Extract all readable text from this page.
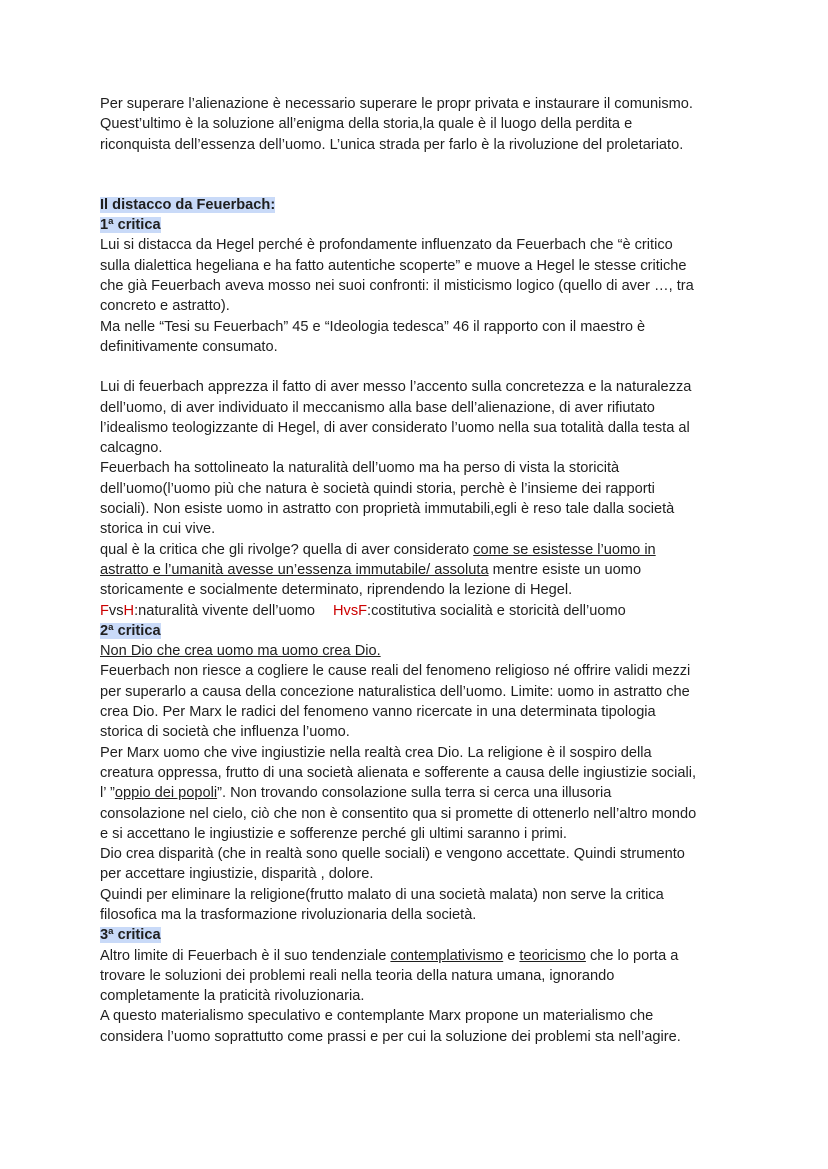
Per superare l’alienazione è necessario superare le propr privata e instaurare il comunismo.
Quest’ultimo è la soluzione all’enigma della storia,la quale è il luogo della perdita e
riconquista dell’essenza dell’uomo. L’unica strada per farlo è la rivoluzione del proletariato.
Il distacco da Feuerbach:
1ª critica
Lui si distacca da Hegel perché è profondamente influenzato da Feuerbach che “è critico
sulla dialettica hegeliana e ha fatto autentiche scoperte” e muove a Hegel le stesse critiche
che già Feuerbach aveva mosso nei suoi confronti: il misticismo logico (quello di aver …, tra
concreto e astratto).
Ma nelle “Tesi su Feuerbach” 45 e “Ideologia tedesca” 46 il rapporto con il maestro è
definitivamente consumato.
Lui di feuerbach apprezza il fatto di aver messo l’accento sulla concretezza e la naturalezza
dell’uomo, di aver individuato il meccanismo alla base dell’alienazione, di aver rifiutato
l’idealismo teologizzante di Hegel, di aver considerato l’uomo nella sua totalità dalla testa al
calcagno.
Feuerbach ha sottolineato la naturalità dell’uomo ma ha perso di vista la storicità
dell’uomo(l’uomo più che natura è società quindi storia, perchè è l’insieme dei rapporti
sociali). Non esiste uomo in astratto con proprietà immutabili,egli è reso tale dalla società
storica in cui vive.
qual è la critica che gli rivolge? quella di aver considerato come se esistesse l’uomo in
astratto e l’umanità avesse un’essenza immutabile/ assoluta mentre esiste un uomo
storicamente e socialmente determinato, riprendendo la lezione di Hegel.
FvsH:naturalità vivente dell’uomo HvsF:costitutiva socialità e storicità dell’uomo
2ª critica
Non Dio che crea uomo ma uomo crea Dio.
Feuerbach non riesce a cogliere le cause reali del fenomeno religioso né offrire validi mezzi
per superarlo a causa della concezione naturalistica dell’uomo. Limite: uomo in astratto che
crea Dio. Per Marx le radici del fenomeno vanno ricercate in una determinata tipologia
storica di società che influenza l’uomo.
Per Marx uomo che vive ingiustizie nella realtà crea Dio. La religione è il sospiro della
creatura oppressa, frutto di una società alienata e sofferente a causa delle ingiustizie sociali,
l’ ”oppio dei popoli”. Non trovando consolazione sulla terra si cerca una illusoria
consolazione nel cielo, ciò che non è consentito qua si promette di ottenerlo nell’altro mondo
e si accettano le ingiustizie e sofferenze perché gli ultimi saranno i primi.
Dio crea disparità (che in realtà sono quelle sociali) e vengono accettate. Quindi strumento
per accettare ingiustizie, disparità , dolore.
Quindi per eliminare la religione(frutto malato di una società malata) non serve la critica
filosofica ma la trasformazione rivoluzionaria della società.
3ª critica
Altro limite di Feuerbach è il suo tendenziale contemplativismo e teoricismo che lo porta a
trovare le soluzioni dei problemi reali nella teoria della natura umana, ignorando
completamente la praticità rivoluzionaria.
A questo materialismo speculativo e contemplante Marx propone un materialismo che
considera l’uomo soprattutto come prassi e per cui la soluzione dei problemi sta nell’agire.
